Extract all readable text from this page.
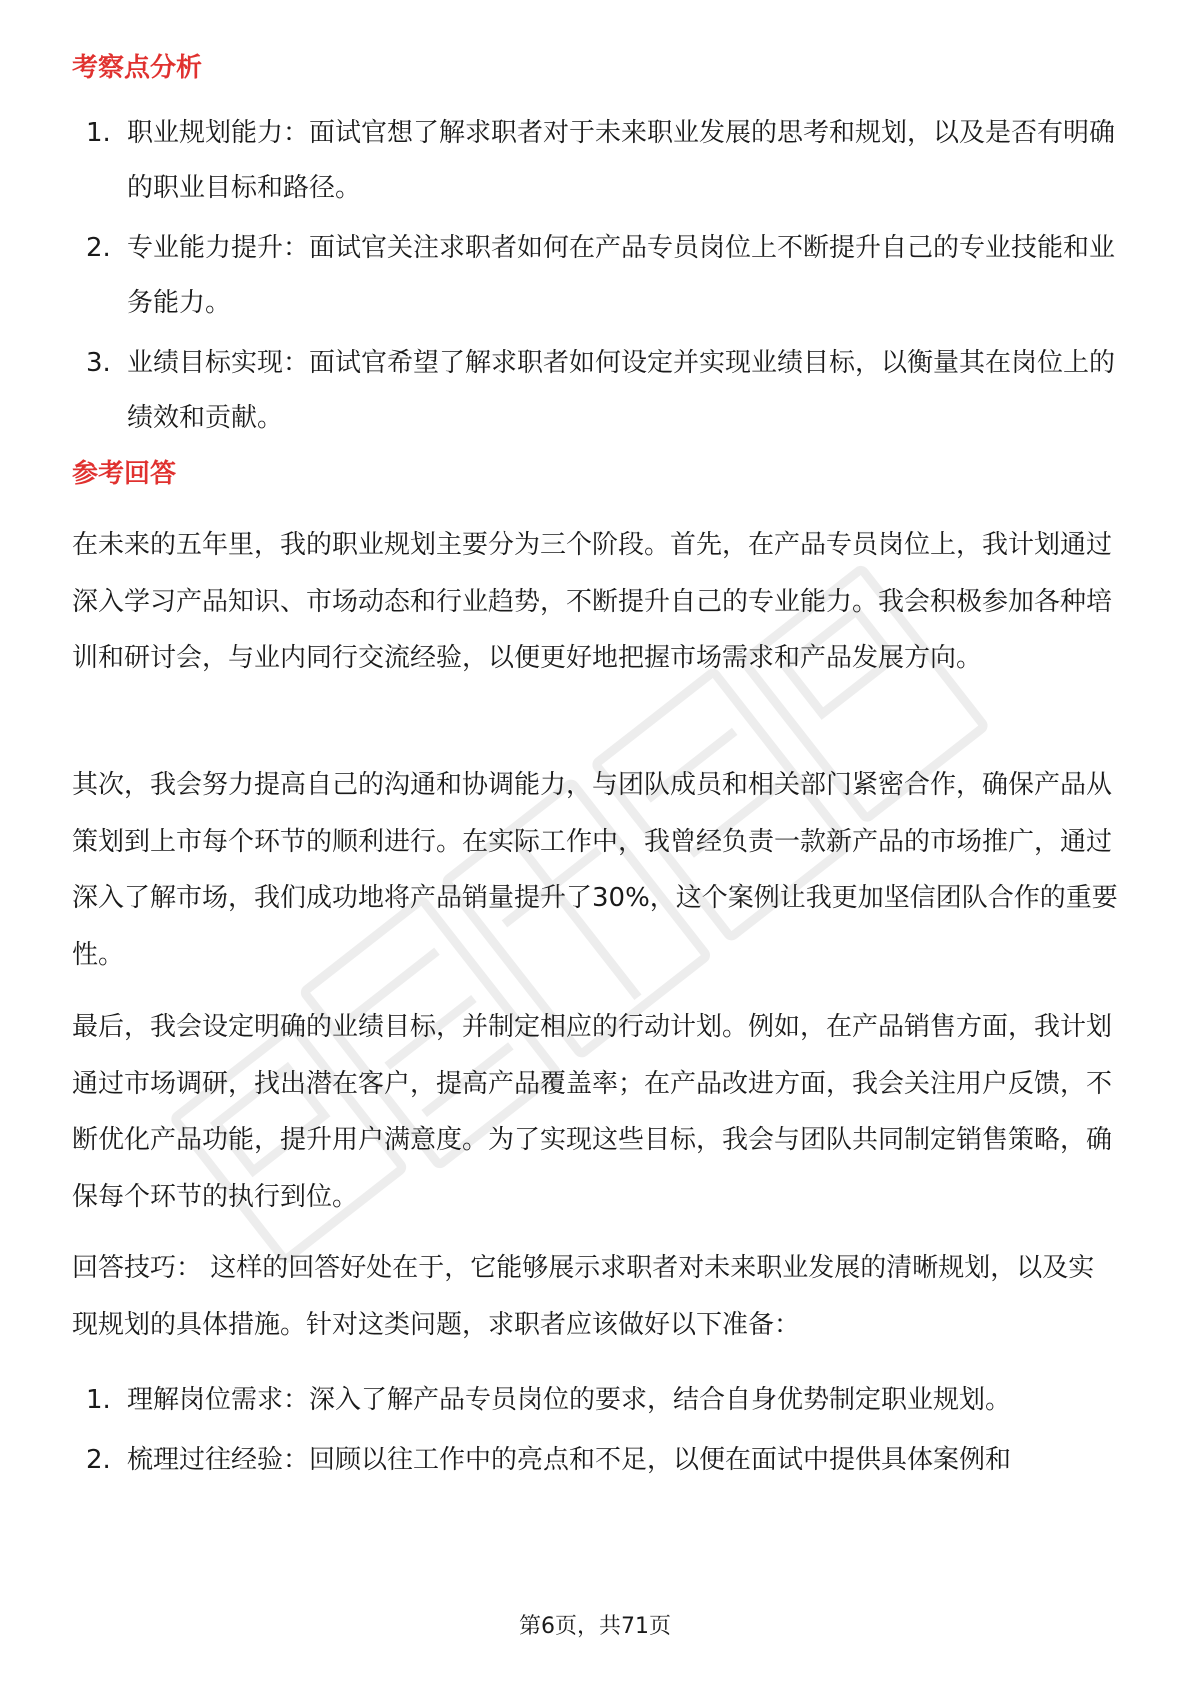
考察点分析
1. 职业规划能力：面试官想了解求职者对于未来职业发展的思考和规划，以及是否有明确的职业目标和路径。
2. 专业能力提升：面试官关注求职者如何在产品专员岗位上不断提升自己的专业技能和业务能力。
3. 业绩目标实现：面试官希望了解求职者如何设定并实现业绩目标，以衡量其在岗位上的绩效和贡献。
参考回答

在未来的五年里，我的职业规划主要分为三个阶段。首先，在产品专员岗位上，我计划通过深入学习产品知识、市场动态和行业趋势，不断提升自己的专业能力。我会积极参加各种培训和研讨会，与业内同行交流经验，以便更好地把握市场需求和产品发展方向。

其次，我会努力提高自己的沟通和协调能力，与团队成员和相关部门紧密合作，确保产品从策划到上市每个环节的顺利进行。在实际工作中，我曾经负责一款新产品的市场推广，通过深入了解市场，我们成功地将产品销量提升了30%，这个案例让我更加坚信团队合作的重要性。

最后，我会设定明确的业绩目标，并制定相应的行动计划。例如，在产品销售方面，我计划通过市场调研，找出潜在客户，提高产品覆盖率；在产品改进方面，我会关注用户反馈，不断优化产品功能，提升用户满意度。为了实现这些目标，我会与团队共同制定销售策略，确保每个环节的执行到位。

回答技巧： 这样的回答好处在于，它能够展示求职者对未来职业发展的清晰规划，以及实现规划的具体措施。针对这类问题，求职者应该做好以下准备：

1. 理解岗位需求：深入了解产品专员岗位的要求，结合自身优势制定职业规划。
2. 梳理过往经验：回顾以往工作中的亮点和不足，以便在面试中提供具体案例和
第6页，共71页
